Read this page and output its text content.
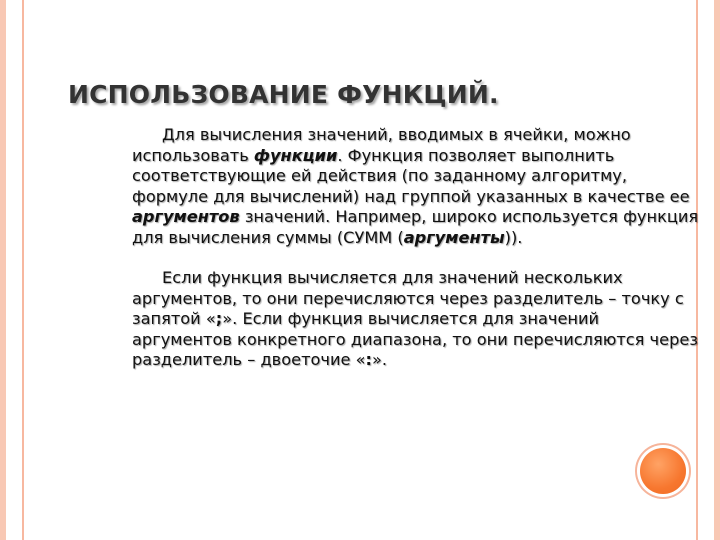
ИСПОЛЬЗОВАНИЕ ФУНКЦИЙ.

Для вычисления значений, вводимых в ячейки, можно использовать функции. Функция позволяет выполнить соответствующие ей действия (по заданному алгоритму, формуле для вычислений) над группой указанных в качестве ее аргументов значений. Например, широко используется функция для вычисления суммы (СУММ (аргументы)).

Если функция вычисляется для значений нескольких аргументов, то они перечисляются через разделитель – точку с запятой «;». Если функция вычисляется для значений аргументов конкретного диапазона, то они перечисляются через разделитель – двоеточие «:».
